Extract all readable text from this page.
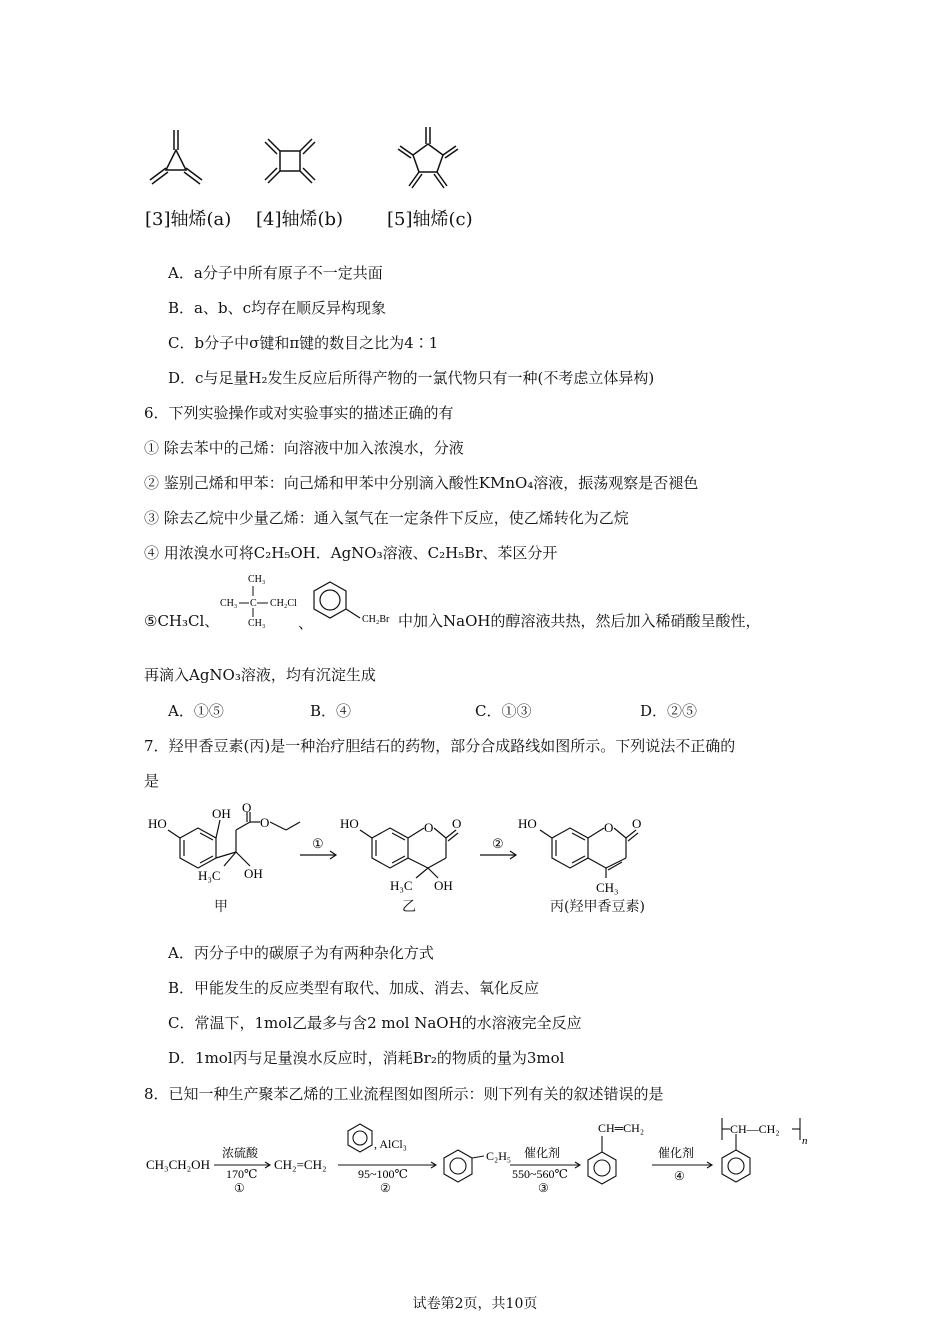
[3]轴烯(a) [4]轴烯(b) [5]轴烯(c)
A．a分子中所有原子不一定共面
B．a、b、c均存在顺反异构现象
C．b分子中σ键和π键的数目之比为4∶1
D．c与足量H₂发生反应后所得产物的一氯代物只有一种(不考虑立体异构)
6．下列实验操作或对实验事实的描述正确的有
① 除去苯中的己烯：向溶液中加入浓溴水，分液
② 鉴别己烯和甲苯：向己烯和甲苯中分别滴入酸性KMnO₄溶液，振荡观察是否褪色
③ 除去乙烷中少量乙烯：通入氢气在一定条件下反应，使乙烯转化为乙烷
④ 用浓溴水可将C₂H₅OH．AgNO₃溶液、C₂H₅Br、苯区分开
⑤CH₃Cl、
CH₃
CH₃ C CH₂Cl
CH₃ 、	CH₂Br 中加入NaOH的醇溶液共热，然后加入稀硝酸呈酸性，
再滴入AgNO₃溶液，均有沉淀生成
A．①⑤	B．④	C．①③	D．②⑤
7．羟甲香豆素(丙)是一种治疗胆结石的药物，部分合成路线如图所示。下列说法不正确的
是
HO
OH O
O
H₃C OH
①
HO	O O
H₃C OH
②
HO	O O
CH₃
甲	乙	丙(羟甲香豆素)
A．丙分子中的碳原子为有两种杂化方式
B．甲能发生的反应类型有取代、加成、消去、氧化反应
C．常温下，1mol乙最多与含2 mol NaOH的水溶液完全反应
D．1mol丙与足量溴水反应时，消耗Br₂的物质的量为3mol
8．已知一种生产聚苯乙烯的工业流程图如图所示：则下列有关的叙述错误的是
CH₃CH₂OH
浓硫酸
170℃
①
CH₂=CH₂
, AlCl₃
95~100℃
②
C₂H₅ 催化剂
550~560℃
③
CH═CH₂
催化剂
④
CH—CH₂
n
试卷第2页，共10页
